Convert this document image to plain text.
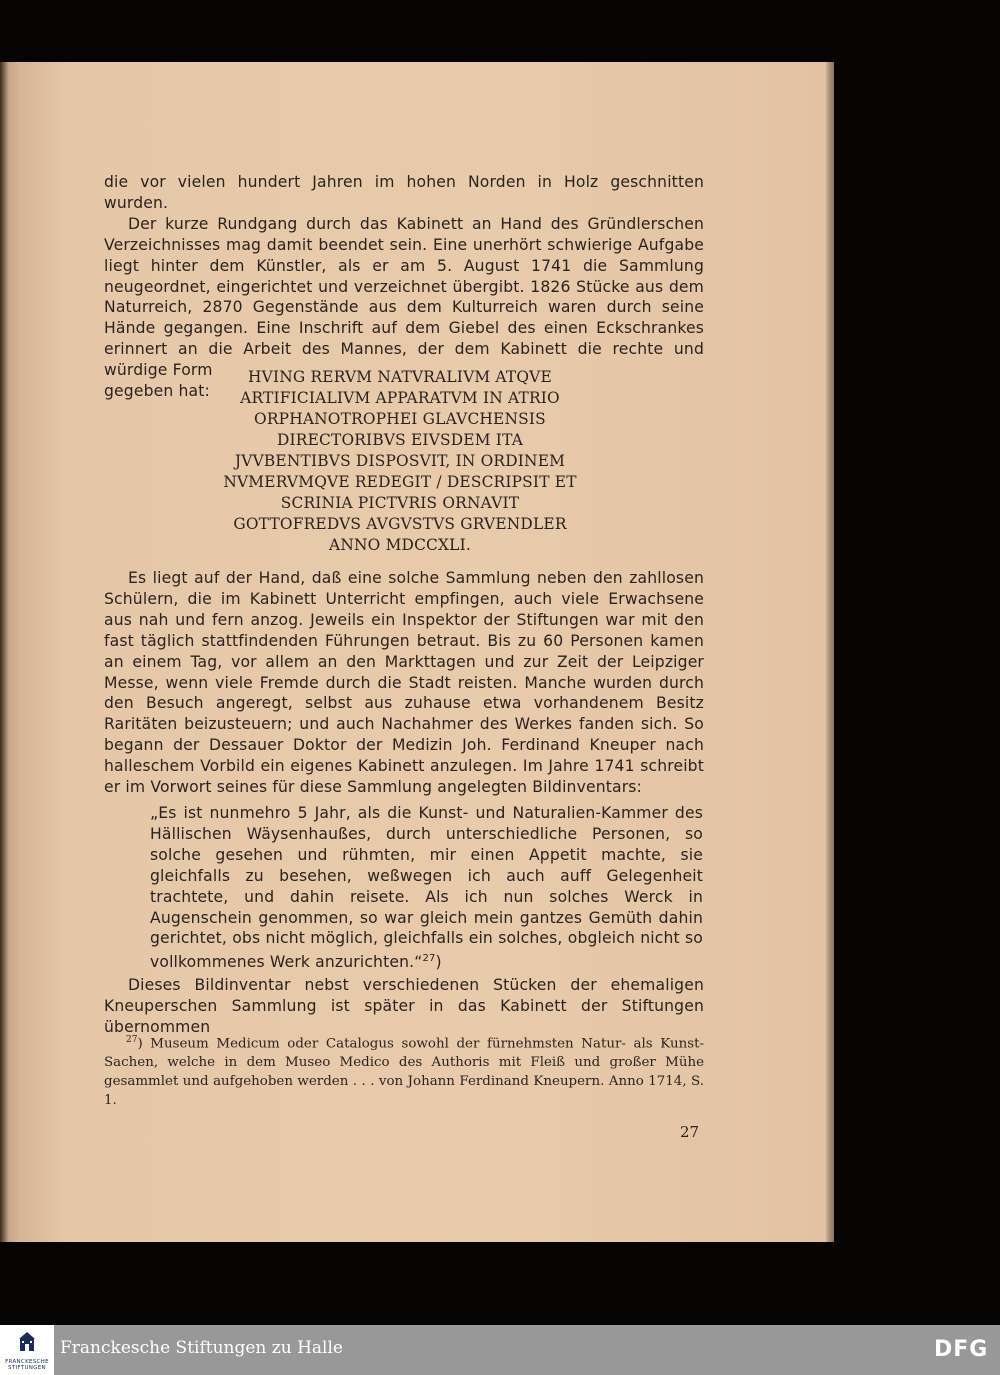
die vor vielen hundert Jahren im hohen Norden in Holz geschnitten wurden.

Der kurze Rundgang durch das Kabinett an Hand des Gründlerschen Verzeichnisses mag damit beendet sein. Eine unerhört schwierige Aufgabe liegt hinter dem Künstler, als er am 5. August 1741 die Sammlung neugeordnet, eingerichtet und verzeichnet übergibt. 1826 Stücke aus dem Naturreich, 2870 Gegenstände aus dem Kulturreich waren durch seine Hände gegangen. Eine Inschrift auf dem Giebel des einen Eckschrankes erinnert an die Arbeit des Mannes, der dem Kabinett die rechte und würdige Form

gegeben hat:

HVING RERVM NATVRALIVM ATQVE
ARTIFICIALIVM APPARATVM IN ATRIO
ORPHANOTROPHEI GLAVCHENSIS
DIRECTORIBVS EIVSDEM ITA
JVVBENTIBVS DISPOSVIT, IN ORDINEM
NVMERVMQVE REDEGIT / DESCRIPSIT ET
SCRINIA PICTVRIS ORNAVIT
GOTTOFREDVS AVGVSTVS GRVENDLER
ANNO MDCCXLI.

Es liegt auf der Hand, daß eine solche Sammlung neben den zahllosen Schülern, die im Kabinett Unterricht empfingen, auch viele Erwachsene aus nah und fern anzog. Jeweils ein Inspektor der Stiftungen war mit den fast täglich stattfindenden Führungen betraut. Bis zu 60 Personen kamen an einem Tag, vor allem an den Markttagen und zur Zeit der Leipziger Messe, wenn viele Fremde durch die Stadt reisten. Manche wurden durch den Besuch angeregt, selbst aus zuhause etwa vorhandenem Besitz Raritäten beizusteuern; und auch Nachahmer des Werkes fanden sich. So begann der Dessauer Doktor der Medizin Joh. Ferdinand Kneuper nach halleschem Vorbild ein eigenes Kabinett anzulegen. Im Jahre 1741 schreibt er im Vorwort seines für diese Sammlung angelegten Bildinventars:

„Es ist nunmehro 5 Jahr, als die Kunst- und Naturalien-Kammer des Hällischen Wäysenhaußes, durch unterschiedliche Personen, so solche gesehen und rühmten, mir einen Appetit machte, sie gleichfalls zu besehen, weßwegen ich auch auff Gelegenheit trachtete, und dahin reisete. Als ich nun solches Werck in Augenschein genommen, so war gleich mein gantzes Gemüth dahin gerichtet, obs nicht möglich, gleichfalls ein solches, obgleich nicht so vollkommenes Werk anzurichten.“$^{27}$)

Dieses Bildinventar nebst verschiedenen Stücken der ehemaligen Kneuperschen Sammlung ist später in das Kabinett der Stiftungen übernommen

$^{27}$) Museum Medicum oder Catalogus sowohl der fürnehmsten Natur- als Kunst-Sachen, welche in dem Museo Medico des Authoris mit Fleiß und großer Mühe gesammlet und aufgehoben werden . . . von Johann Ferdinand Kneupern. Anno 1714, S. 1.

27
FRANCKESCHE STIFTUNGEN
Franckesche Stiftungen zu Halle	DFG
